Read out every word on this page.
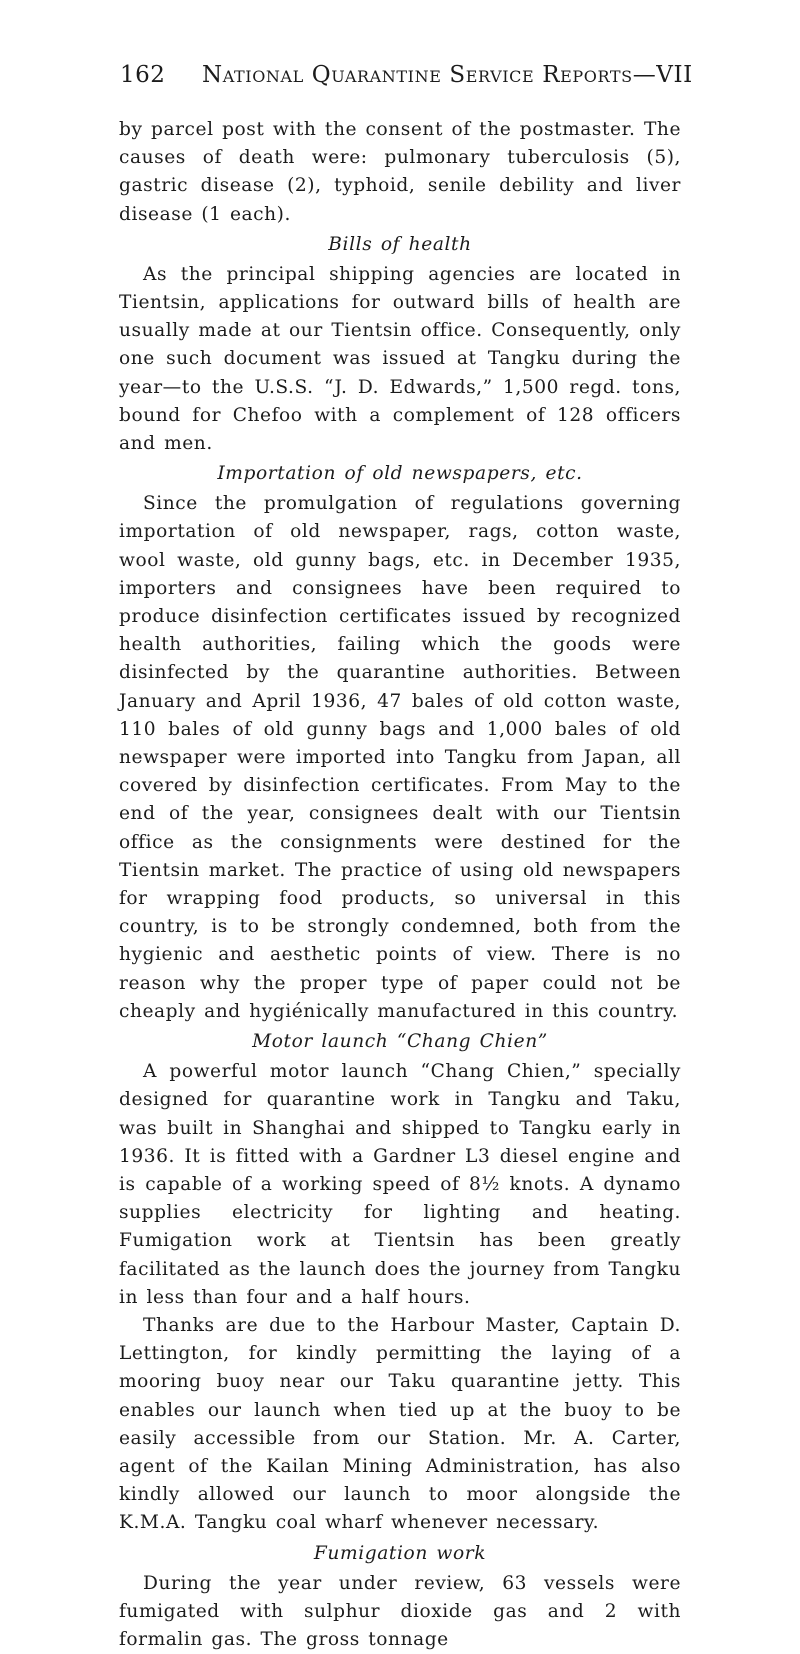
162 National Quarantine Service Reports—VII

by parcel post with the consent of the postmaster. The causes of death were: pulmonary tuberculosis (5), gastric disease (2), typhoid, senile debility and liver disease (1 each).

Bills of health

As the principal shipping agencies are located in Tientsin, applications for outward bills of health are usually made at our Tientsin office. Consequently, only one such document was issued at Tangku during the year—to the U.S.S. “J. D. Edwards,” 1,500 regd. tons, bound for Chefoo with a complement of 128 officers and men.

Importation of old newspapers, etc.

Since the promulgation of regulations governing importation of old newspaper, rags, cotton waste, wool waste, old gunny bags, etc. in December 1935, importers and consignees have been required to produce disinfection certificates issued by recognized health authorities, failing which the goods were disinfected by the quarantine authorities. Between January and April 1936, 47 bales of old cotton waste, 110 bales of old gunny bags and 1,000 bales of old newspaper were imported into Tangku from Japan, all covered by disinfection certificates. From May to the end of the year, consignees dealt with our Tientsin office as the consignments were destined for the Tientsin market. The practice of using old newspapers for wrapping food products, so universal in this country, is to be strongly condemned, both from the hygienic and aesthetic points of view. There is no reason why the proper type of paper could not be cheaply and hygiénically manufactured in this country.

Motor launch “Chang Chien”

A powerful motor launch “Chang Chien,” specially designed for quarantine work in Tangku and Taku, was built in Shanghai and shipped to Tangku early in 1936. It is fitted with a Gardner L3 diesel engine and is capable of a working speed of 8½ knots. A dynamo supplies electricity for lighting and heating. Fumigation work at Tientsin has been greatly facilitated as the launch does the journey from Tangku in less than four and a half hours.

Thanks are due to the Harbour Master, Captain D. Lettington, for kindly permitting the laying of a mooring buoy near our Taku quarantine jetty. This enables our launch when tied up at the buoy to be easily accessible from our Station. Mr. A. Carter, agent of the Kailan Mining Administration, has also kindly allowed our launch to moor alongside the K.M.A. Tangku coal wharf whenever necessary.

Fumigation work

During the year under review, 63 vessels were fumigated with sulphur dioxide gas and 2 with formalin gas. The gross tonnage
